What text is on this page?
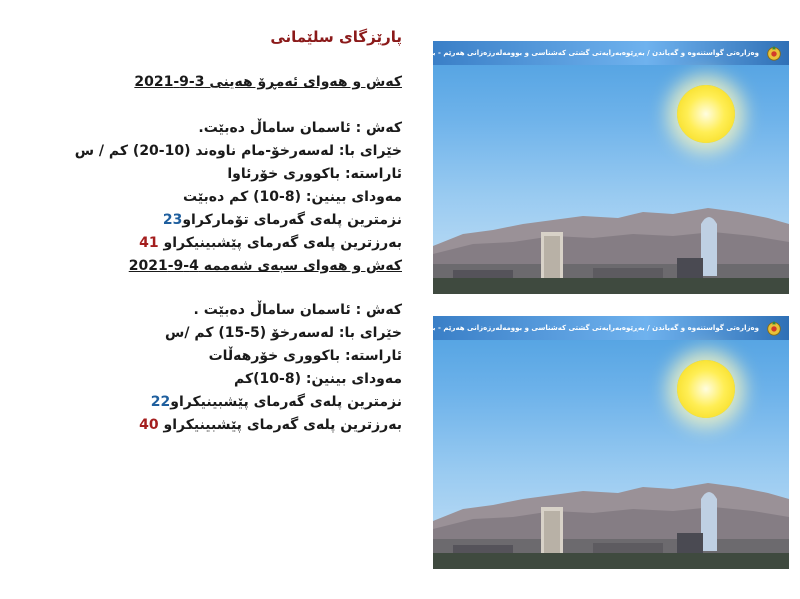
پارێزگای سلێمانی
کەش و هەوای ئەمڕۆ هەینی 3-9-2021
کەش : ئاسمان ساماڵ دەبێت.
خێرای با: لەسەرخۆ-مام ناوەند (10-20) کم / س
ئاراستە: باکووری خۆرئاوا
مەودای بینین: (8-10) کم دەبێت
نزمترین پلەی گەرمای تۆمارکراو23
بەرزترین پلەی گەرمای پێشبینیکراو 41
کەش و هەوای سبەی شەممە 4-9-2021
کەش : ئاسمان ساماڵ دەبێت .
خێرای با: لەسەرخۆ (5-15) کم /س
ئاراستە: باکووری خۆرهەڵات
مەودای بینین: (8-10)کم
نزمترین پلەی گەرمای پێشبینیکراو22
بەرزترین پلەی گەرمای پێشبینیکراو 40
وەزارەتی گواستنەوە و گەیاندن / بەڕێوەبەرایەتی گشتی کەشناسی و بوومەلەرزەزانی هەرێم - بەشی پێشبینی
وەزارەتی گواستنەوە و گەیاندن / بەڕێوەبەرایەتی گشتی کەشناسی و بوومەلەرزەزانی هەرێم - بەشی پێشبینی
